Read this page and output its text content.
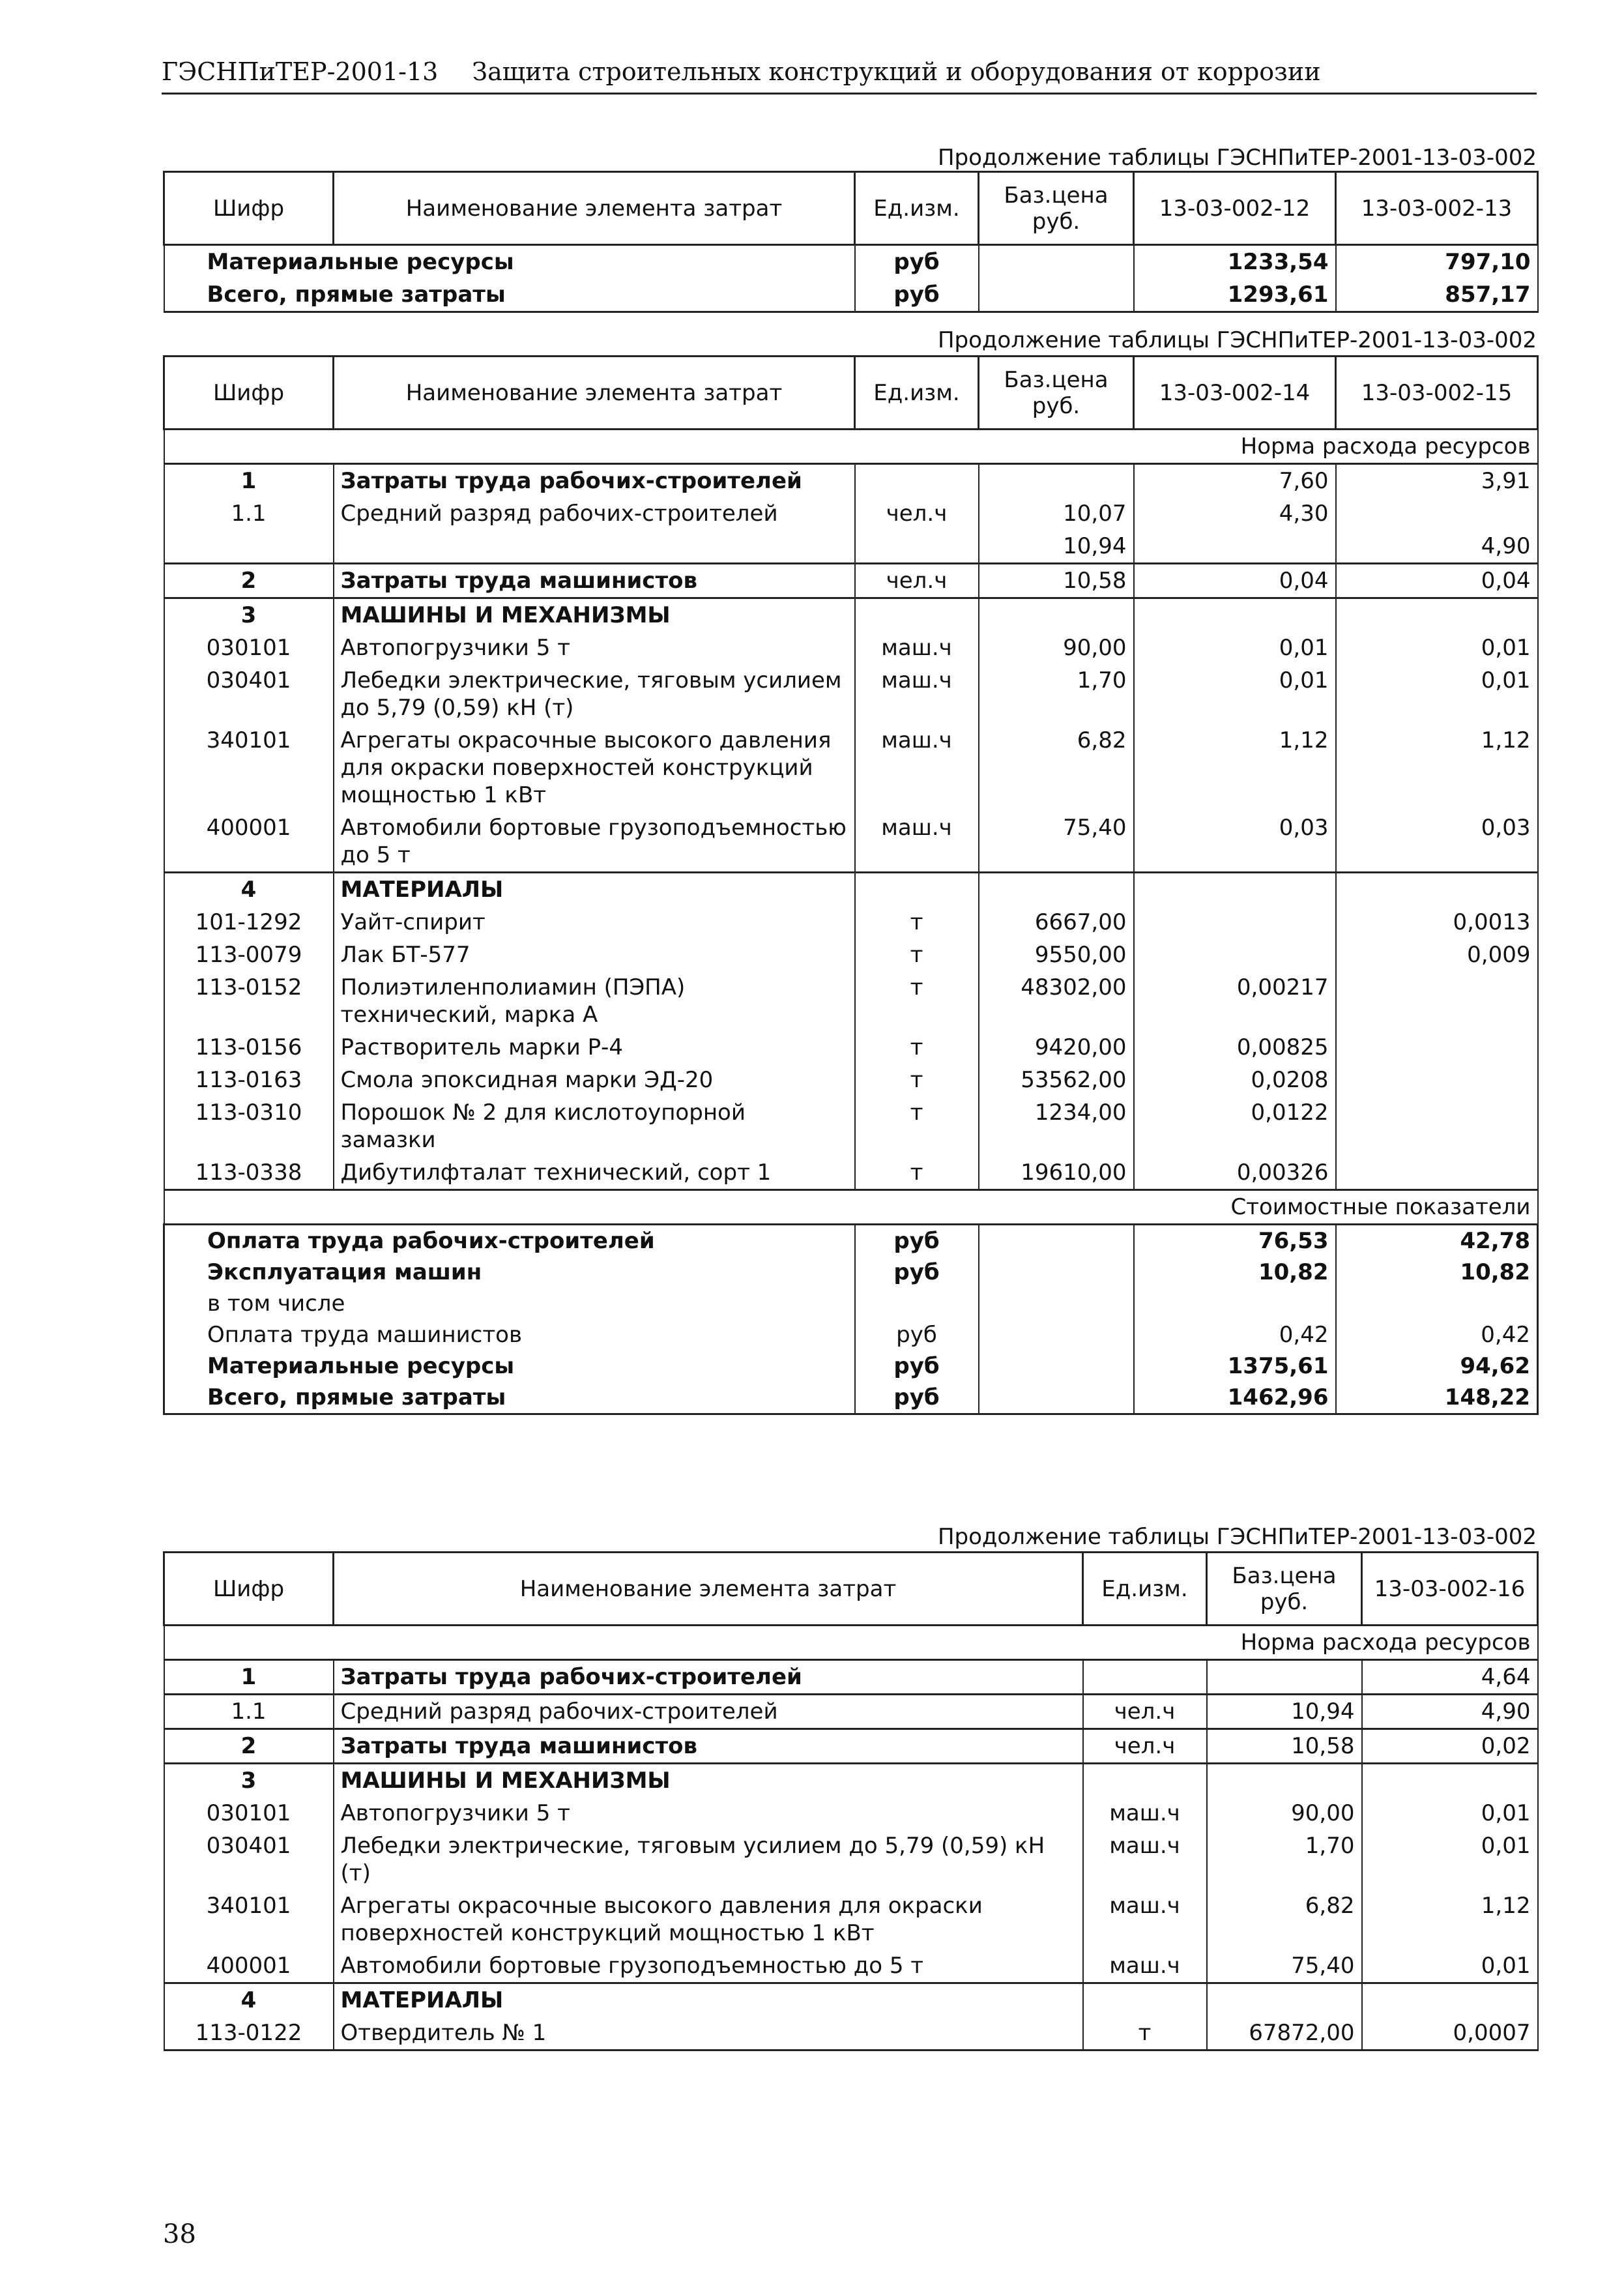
ГЭСНПиТЕР-2001-13 Защита строительных конструкций и оборудования от коррозии
Продолжение таблицы ГЭСНПиТЕР-2001-13-03-002
Шифр	Наименование элемента затрат	Ед.изм.	Баз.цена руб.	13-03-002-12	13-03-002-13
Материальные ресурсы		руб		1233,54	797,10
Всего, прямые затраты		руб		1293,61	857,17
Продолжение таблицы ГЭСНПиТЕР-2001-13-03-002
Шифр	Наименование элемента затрат	Ед.изм.	Баз.цена руб.	13-03-002-14	13-03-002-15
Норма расхода ресурсов					
1	Затраты труда рабочих-строителей			7,60	3,91
1.1	Средний разряд рабочих-строителей	чел.ч	10,07	4,30	
			10,94		4,90
2	Затраты труда машинистов	чел.ч	10,58	0,04	0,04
3	МАШИНЫ И МЕХАНИЗМЫ				
030101	Автопогрузчики 5 т	маш.ч	90,00	0,01	0,01
030401	Лебедки электрические, тяговым усилием до 5,79 (0,59) кН (т)	маш.ч	1,70	0,01	0,01
340101	Агрегаты окрасочные высокого давления для окраски поверхностей конструкций мощностью 1 кВт	маш.ч	6,82	1,12	1,12
400001	Автомобили бортовые грузоподъемностью до 5 т	маш.ч	75,40	0,03	0,03
4	МАТЕРИАЛЫ				
101-1292	Уайт-спирит	т	6667,00		0,0013
113-0079	Лак БТ-577	т	9550,00		0,009
113-0152	Полиэтиленполиамин (ПЭПА) технический, марка А	т	48302,00	0,00217	
113-0156	Растворитель марки Р-4	т	9420,00	0,00825	
113-0163	Смола эпоксидная марки ЭД-20	т	53562,00	0,0208	
113-0310	Порошок № 2 для кислотоупорной замазки	т	1234,00	0,0122	
113-0338	Дибутилфталат технический, сорт 1	т	19610,00	0,00326	
Стоимостные показатели					
Оплата труда рабочих-строителей		руб		76,53	42,78
Эксплуатация машин		руб		10,82	10,82
в том числе					
Оплата труда машинистов		руб		0,42	0,42
Материальные ресурсы		руб		1375,61	94,62
Всего, прямые затраты		руб		1462,96	148,22
Продолжение таблицы ГЭСНПиТЕР-2001-13-03-002
Шифр	Наименование элемента затрат	Ед.изм.	Баз.цена руб.	13-03-002-16
Норма расхода ресурсов				
1	Затраты труда рабочих-строителей			4,64
1.1	Средний разряд рабочих-строителей	чел.ч	10,94	4,90
2	Затраты труда машинистов	чел.ч	10,58	0,02
3	МАШИНЫ И МЕХАНИЗМЫ			
030101	Автопогрузчики 5 т	маш.ч	90,00	0,01
030401	Лебедки электрические, тяговым усилием до 5,79 (0,59) кН (т)	маш.ч	1,70	0,01
340101	Агрегаты окрасочные высокого давления для окраски поверхностей конструкций мощностью 1 кВт	маш.ч	6,82	1,12
400001	Автомобили бортовые грузоподъемностью до 5 т	маш.ч	75,40	0,01
4	МАТЕРИАЛЫ			
113-0122	Отвердитель № 1	т	67872,00	0,0007
38
